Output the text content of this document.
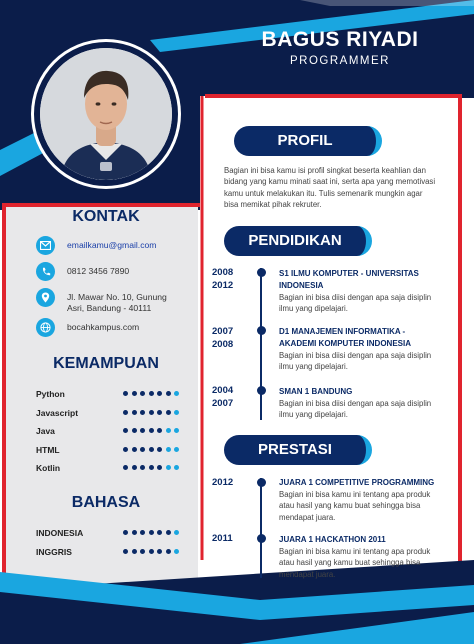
BAGUS RIYADI
PROGRAMMER
PROFIL
Bagian ini bisa kamu isi profil singkat beserta keahlian dan
bidang yang kamu minati saat ini, serta apa yang memotivasi
kamu untuk melakukan itu. Tulis semenarik mungkin agar
bisa memikat pihak rekruter.
PENDIDIKAN
2008
2012
S1 ILMU KOMPUTER - UNIVERSITAS
INDONESIA
Bagian ini bisa diisi dengan apa saja disiplin
ilmu yang dipelajari.
2007
2008
D1 MANAJEMEN INFORMATIKA -
AKADEMI KOMPUTER INDONESIA
Bagian ini bisa diisi dengan apa saja disiplin
ilmu yang dipelajari.
2004
2007
SMAN 1 BANDUNG
Bagian ini bisa diisi dengan apa saja disiplin
ilmu yang dipelajari.
PRESTASI
2012	JUARA 1 COMPETITIVE PROGRAMMING
Bagian ini bisa kamu ini tentang apa produk
atau hasil yang kamu buat sehingga bisa
mendapat juara.
2011	JUARA 1 HACKATHON 2011
Bagian ini bisa kamu ini tentang apa produk
atau hasil yang kamu buat sehingga bisa
mendapat juara.
KONTAK
emailkamu@gmail.com
0812 3456 7890
Jl. Mawar No. 10, Gunung
Asri, Bandung - 40111
bocahkampus.com
KEMAMPUAN
Python
Javascript
Java
HTML
Kotlin
BAHASA
INDONESIA
INGGRIS
